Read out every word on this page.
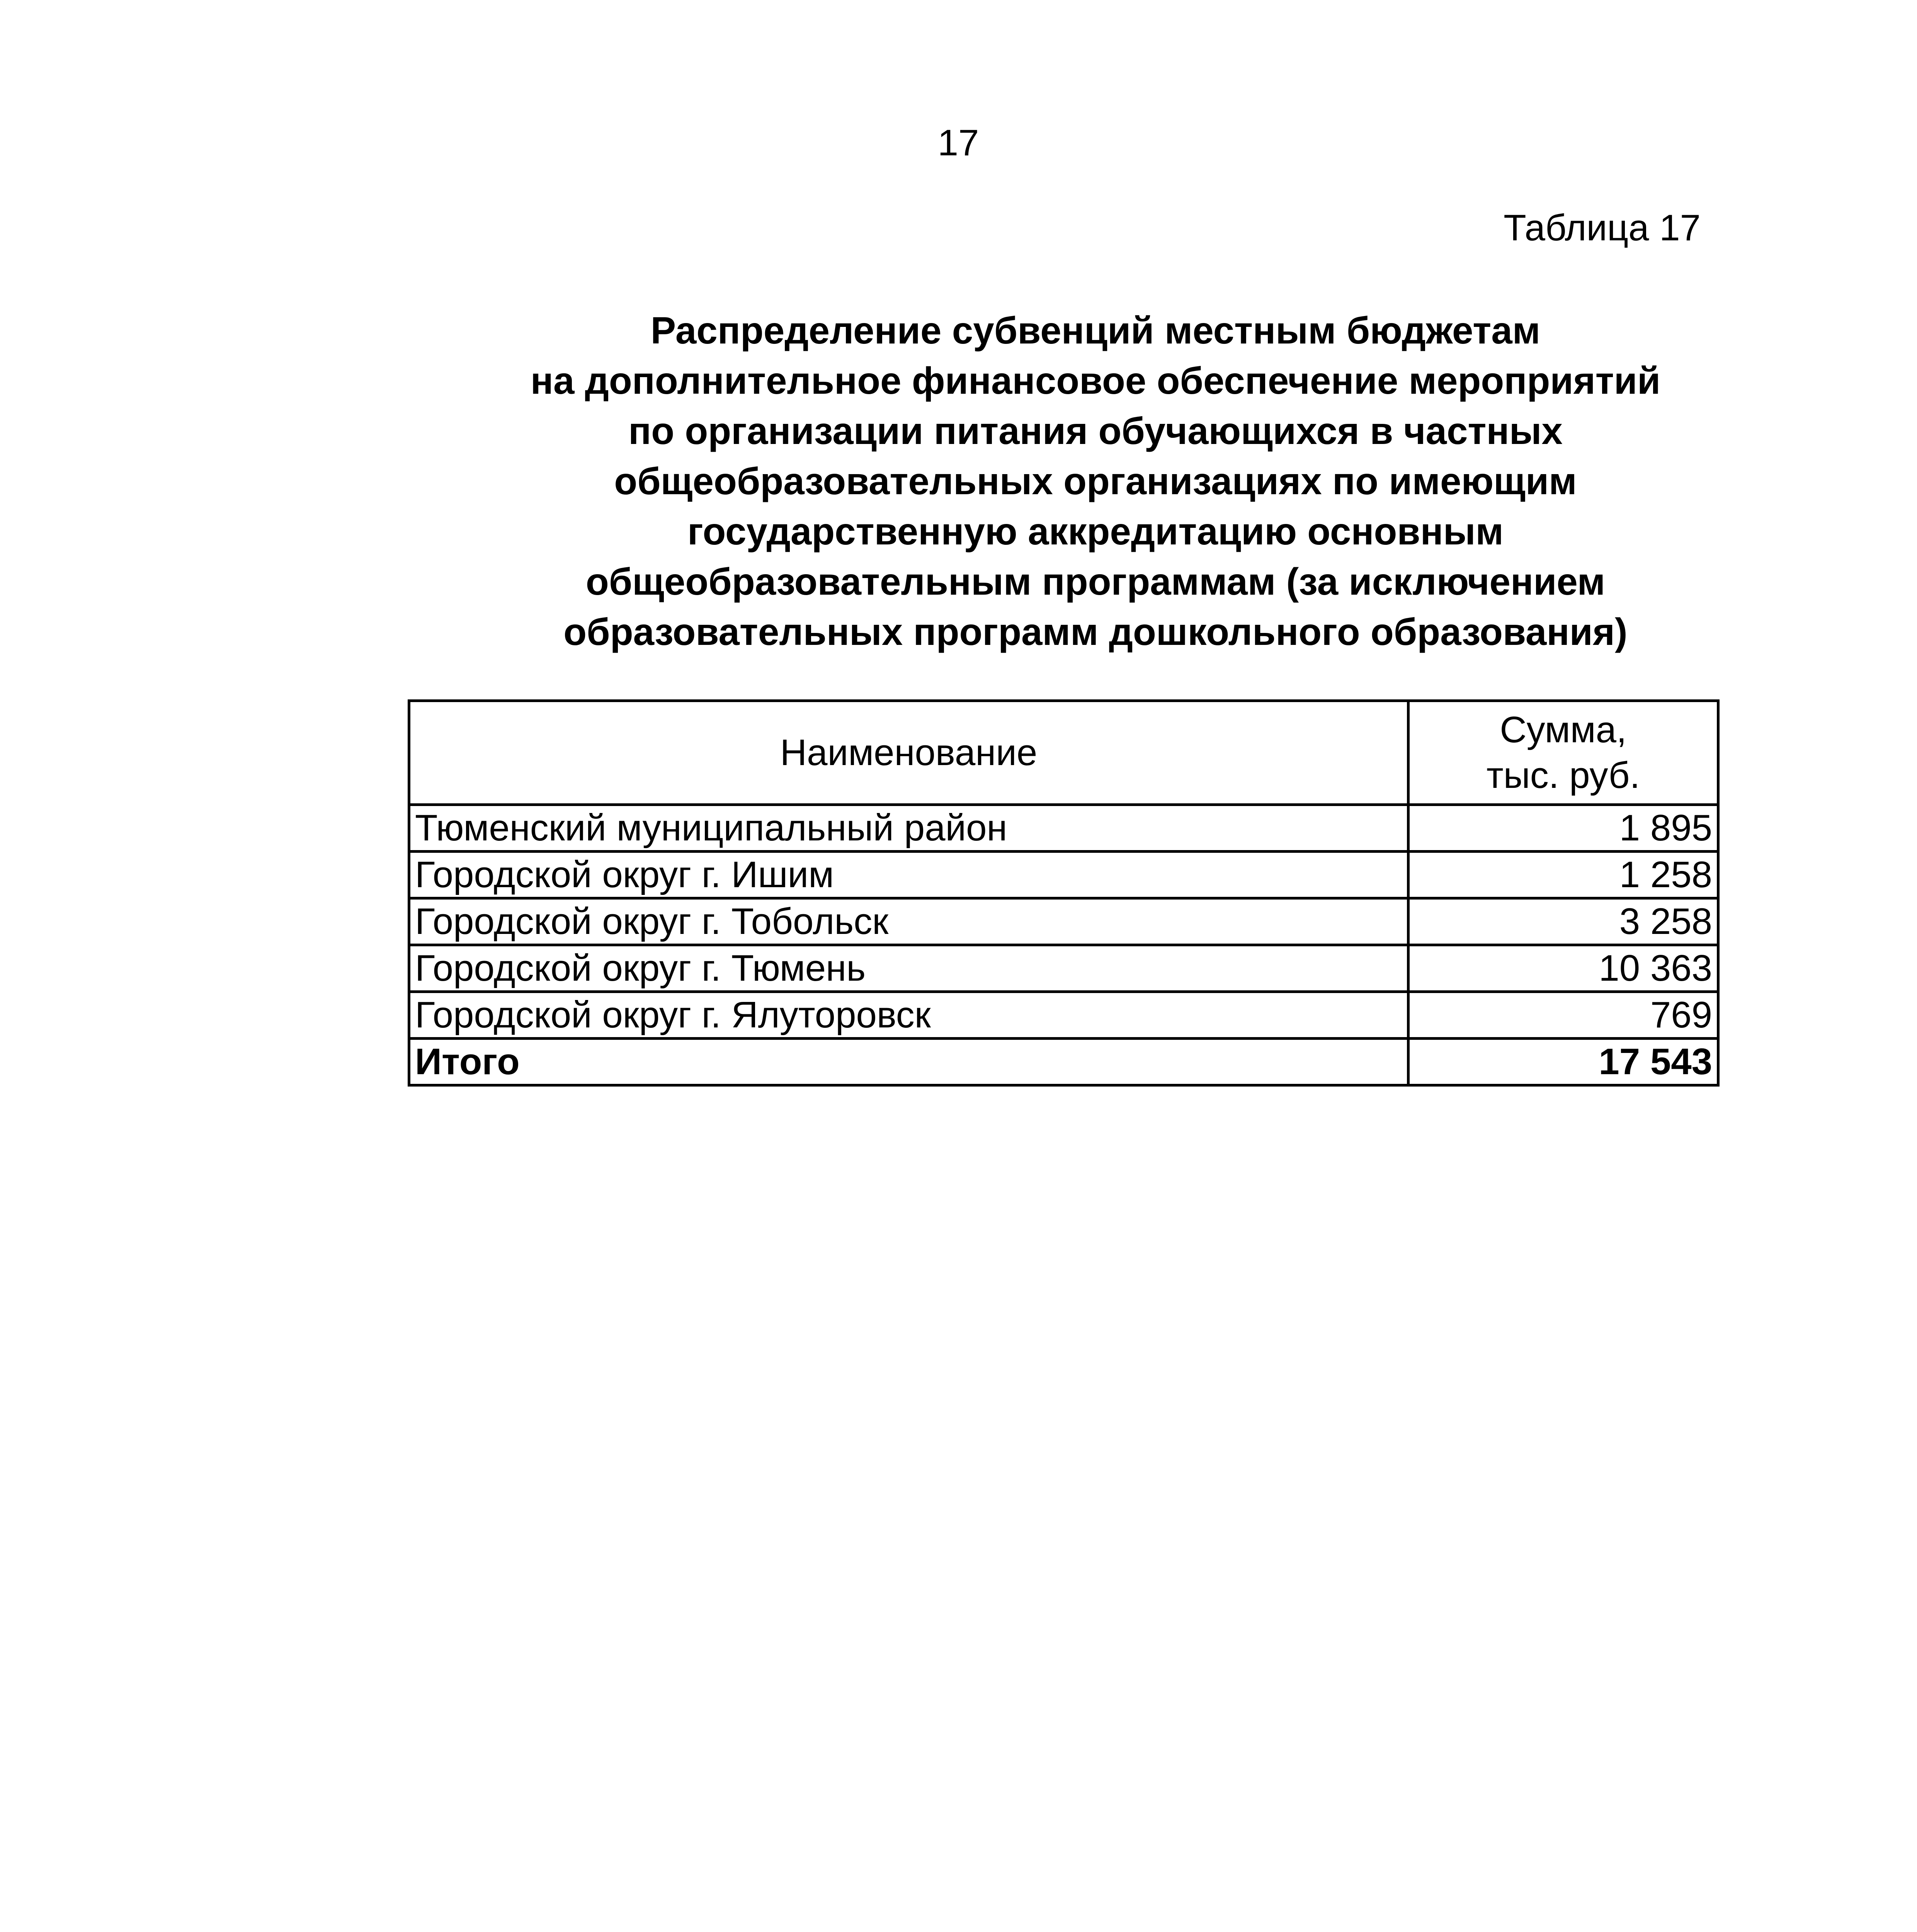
17
Таблица 17
Распределение субвенций местным бюджетам
на дополнительное финансовое обеспечение мероприятий
по организации питания обучающихся в частных
общеобразовательных организациях по имеющим
государственную аккредитацию основным
общеобразовательным программам (за исключением
образовательных программ дошкольного образования)
Наименование	Сумма,
тыс. руб.

Тюменский муниципальный район	1 895
Городской округ г. Ишим	1 258
Городской округ г. Тобольск	3 258
Городской округ г. Тюмень	10 363
Городской округ г. Ялуторовск	769
Итого	17 543
